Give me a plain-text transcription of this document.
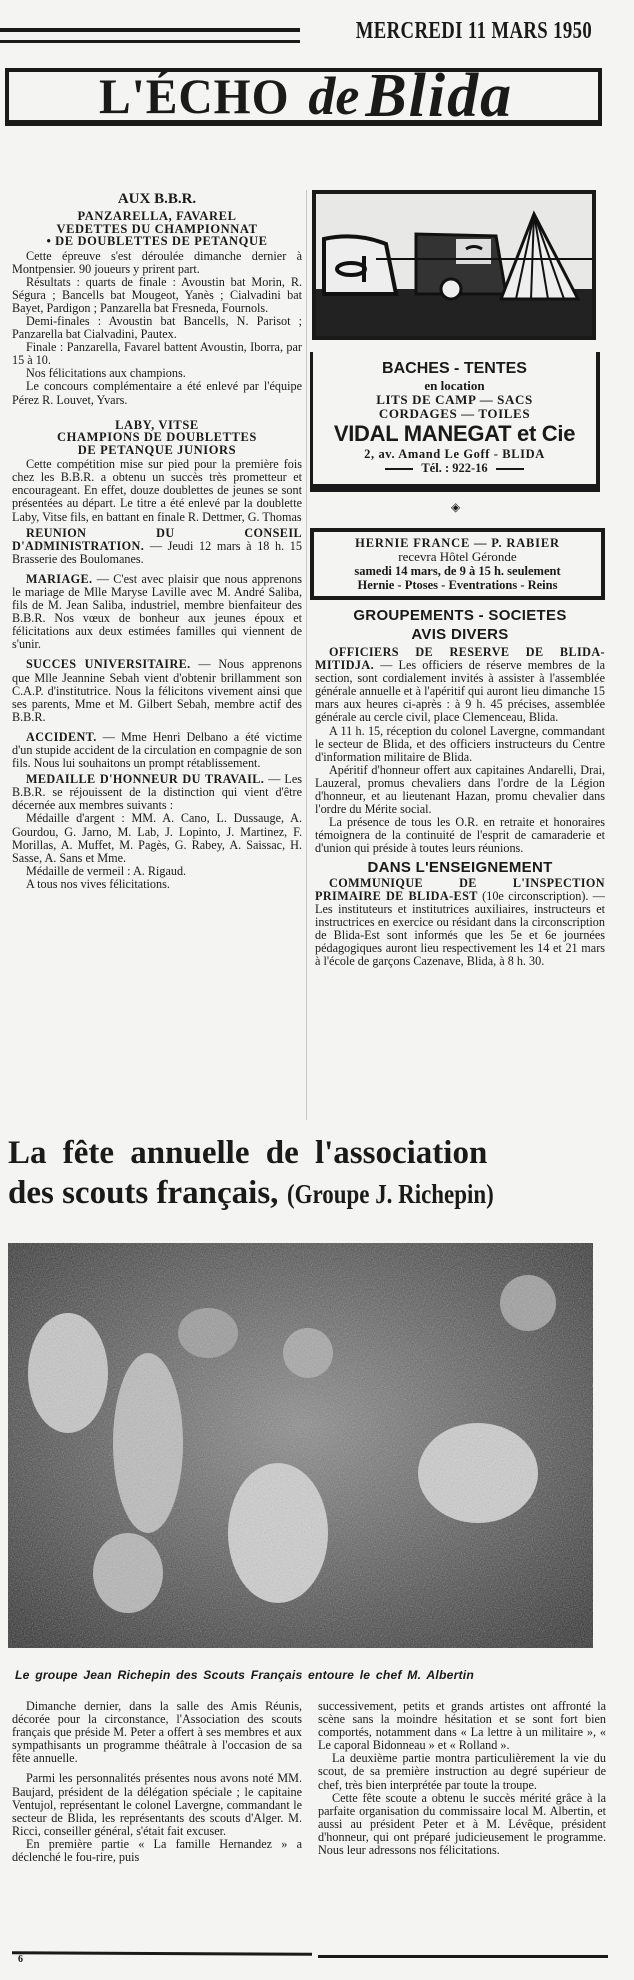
MERCREDI 11 MARS 1950
L'ÉCHO de Blida
AUX B.B.R.
PANZARELLA, FAVAREL
VEDETTES DU CHAMPIONNAT
• DE DOUBLETTES DE PETANQUE

Cette épreuve s'est déroulée dimanche dernier à Montpensier. 90 joueurs y prirent part.

Résultats : quarts de finale : Avoustin bat Morin, R. Ségura ; Bancells bat Mougeot, Yanès ; Cialvadini bat Bayet, Pardigon ; Panzarella bat Fresneda, Fournols.

Demi-finales : Avoustin bat Bancells, N. Parisot ; Panzarella bat Cialvadini, Pautex.

Finale : Panzarella, Favarel battent Avoustin, Iborra, par 15 à 10.

Nos félicitations aux champions.

Le concours complémentaire a été enlevé par l'équipe Pérez R. Louvet, Yvars.

LABY, VITSE
CHAMPIONS DE DOUBLETTES
DE PETANQUE JUNIORS

Cette compétition mise sur pied pour la première fois chez les B.B.R. a obtenu un succès très prometteur et encourageant. En effet, douze doublettes de jeunes se sont présentées au départ. Le titre a été enlevé par la doublette Laby, Vitse fils, en battant en finale R. Dettmer, G. Thomas

REUNION DU CONSEIL D'ADMINISTRATION. — Jeudi 12 mars à 18 h. 15 Brasserie des Boulomanes.

MARIAGE. — C'est avec plaisir que nous apprenons le mariage de Mlle Maryse Laville avec M. André Saliba, fils de M. Jean Saliba, industriel, membre bienfaiteur des B.B.R. Nos vœux de bonheur aux jeunes époux et félicitations aux deux estimées familles qui viennent de s'unir.

SUCCES UNIVERSITAIRE. — Nous apprenons que Mlle Jeannine Sebah vient d'obtenir brillamment son C.A.P. d'institutrice. Nous la félicitons vivement ainsi que ses parents, Mme et M. Gilbert Sebah, membre actif des B.B.R.

ACCIDENT. — Mme Henri Delbano a été victime d'un stupide accident de la circulation en compagnie de son fils. Nous lui souhaitons un prompt rétablissement.

MEDAILLE D'HONNEUR DU TRAVAIL. — Les B.B.R. se réjouissent de la distinction qui vient d'être décernée aux membres suivants :

Médaille d'argent : MM. A. Cano, L. Dussauge, A. Gourdou, G. Jarno, M. Lab, J. Lopinto, J. Martinez, F. Morillas, A. Muffet, M. Pagès, G. Rabey, A. Saissac, H. Sasse, A. Sans et Mme.

Médaille de vermeil : A. Rigaud.

A tous nos vives félicitations.

BACHES - TENTES
en location
LITS DE CAMP — SACS
CORDAGES — TOILES
VIDAL MANEGAT et Cie
2, av. Amand Le Goff - BLIDA
Tél. : 922-16
◈
HERNIE FRANCE — P. RABIER
recevra Hôtel Géronde
samedi 14 mars, de 9 à 15 h. seulement
Hernie - Ptoses - Eventrations - Reins
GROUPEMENTS - SOCIETES
AVIS DIVERS

OFFICIERS DE RESERVE DE BLIDA-MITIDJA. — Les officiers de réserve membres de la section, sont cordialement invités à assister à l'assemblée générale annuelle et à l'apéritif qui auront lieu dimanche 15 mars aux heures ci-après : à 9 h. 45 précises, assemblée générale au cercle civil, place Clemenceau, Blida.

A 11 h. 15, réception du colonel Lavergne, commandant le secteur de Blida, et des officiers instructeurs du Centre d'information militaire de Blida.

Apéritif d'honneur offert aux capitaines Andarelli, Drai, Lauzeral, promus chevaliers dans l'ordre de la Légion d'honneur, et au lieutenant Hazan, promu chevalier dans l'ordre du Mérite social.

La présence de tous les O.R. en retraite et honoraires témoignera de la continuité de l'esprit de camaraderie et d'union qui préside à toutes leurs réunions.

DANS L'ENSEIGNEMENT

COMMUNIQUE DE L'INSPECTION PRIMAIRE DE BLIDA-EST (10e circonscription). — Les instituteurs et institutrices auxiliaires, instructeurs et instructrices en exercice ou résidant dans la circonscription de Blida-Est sont informés que les 5e et 6e journées pédagogiques auront lieu respectivement les 14 et 21 mars à l'école de garçons Cazenave, Blida, à 8 h. 30.

La fête annuelle de l'association
des scouts français, (Groupe J. Richepin)
Le groupe Jean Richepin des Scouts Français entoure le chef M. Albertin

Dimanche dernier, dans la salle des Amis Réunis, décorée pour la circonstance, l'Association des scouts français que préside M. Peter a offert à ses membres et aux sympathisants un programme théâtrale à l'occasion de sa fête annuelle.

Parmi les personnalités présentes nous avons noté MM. Baujard, président de la délégation spéciale ; le capitaine Ventujol, représentant le colonel Lavergne, commandant le secteur de Blida, les représentants des scouts d'Alger. M. Ricci, conseiller général, s'était fait excuser.

En première partie « La famille Hernandez » a déclenché le fou-rire, puis

successivement, petits et grands artistes ont affronté la scène sans la moindre hésitation et se sont fort bien comportés, notamment dans « La lettre à un militaire », « Le caporal Bidonneau » et « Rolland ».

La deuxième partie montra particulièrement la vie du scout, de sa première instruction au degré supérieur de chef, très bien interprétée par toute la troupe.

Cette fête scoute a obtenu le succès mérité grâce à la parfaite organisation du commissaire local M. Albertin, et aussi au président Peter et à M. Lévêque, président d'honneur, qui ont préparé judicieusement le programme. Nous leur adressons nos félicitations.

6
